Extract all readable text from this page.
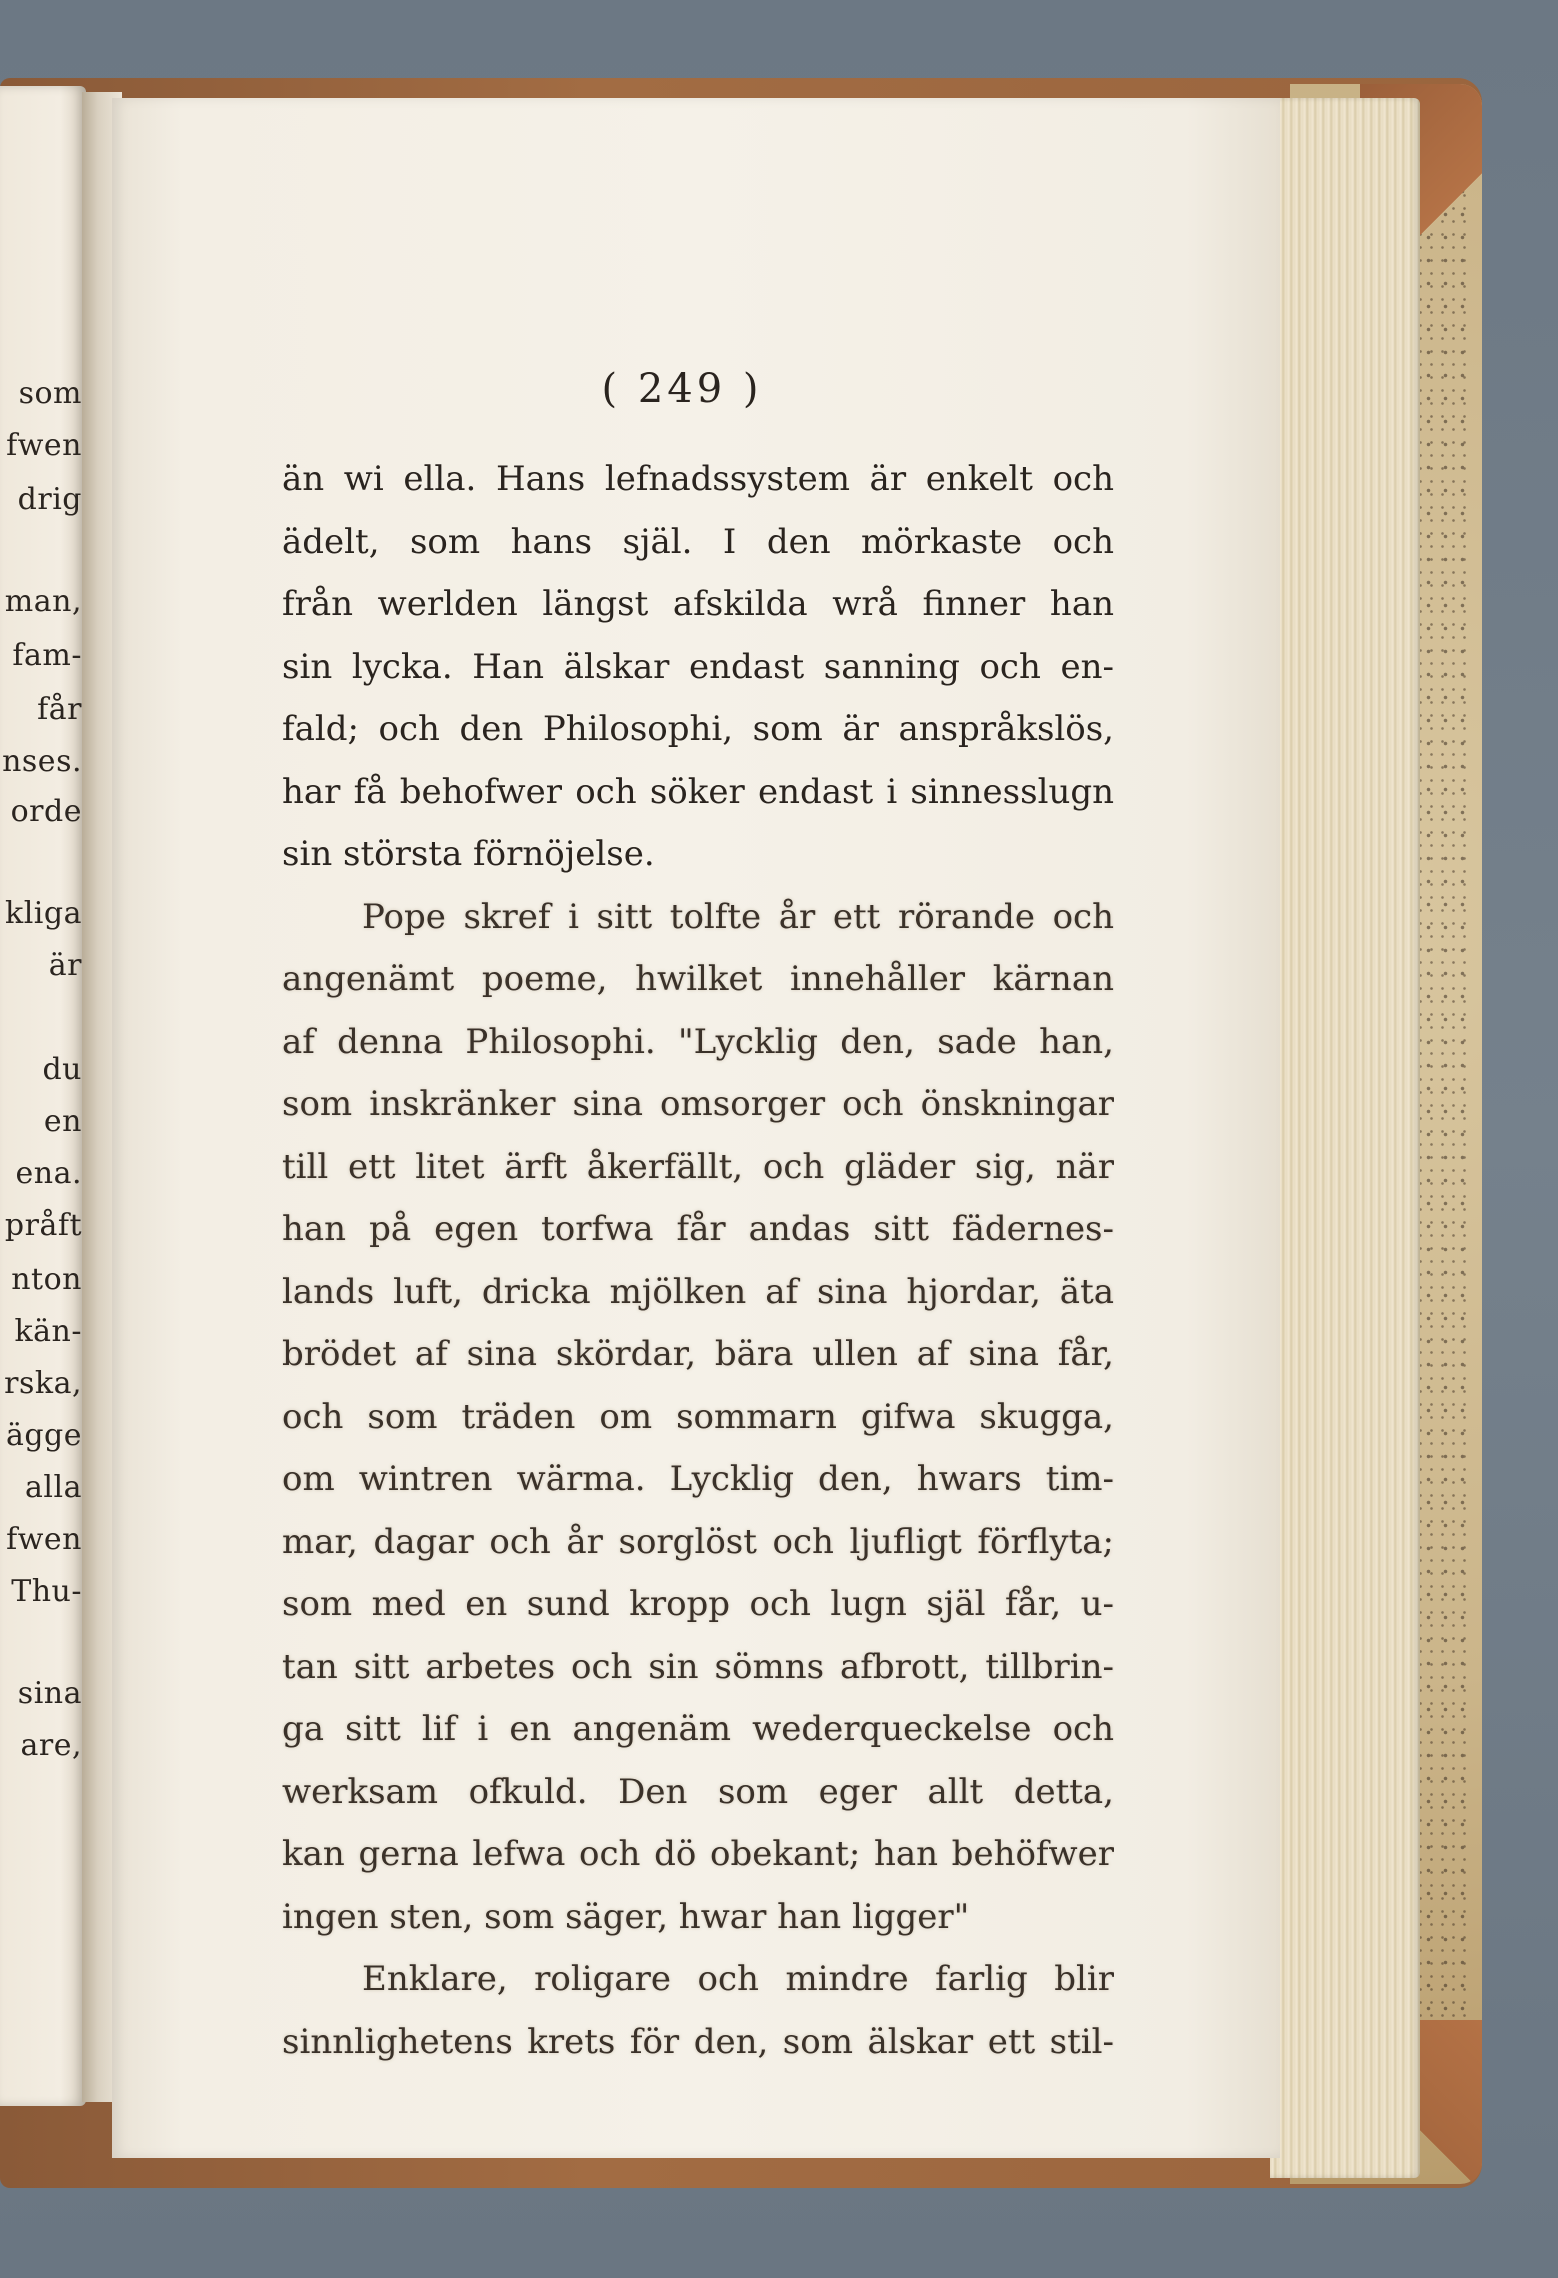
som
fwen
drig
man,
fam-
får
nses.
orde
kliga
är
du
en
ena.
pråft
nton
kän-
rska,
ägge
alla
fwen
Thu-
sina
are,
( 249 )
än wi ella. Hans lefnadssystem är enkelt och
ädelt, som hans själ. I den mörkaste och
från werlden längst afskilda wrå finner han
sin lycka. Han älskar endast sanning och en-
fald; och den Philosophi, som är anspråkslös,
har få behofwer och söker endast i sinnesslugn
sin största förnöjelse.
Pope skref i sitt tolfte år ett rörande och
angenämt poeme, hwilket innehåller kärnan
af denna Philosophi. "Lycklig den, sade han,
som inskränker sina omsorger och önskningar
till ett litet ärft åkerfällt, och gläder sig, när
han på egen torfwa får andas sitt fädernes-
lands luft, dricka mjölken af sina hjordar, äta
brödet af sina skördar, bära ullen af sina får,
och som träden om sommarn gifwa skugga,
om wintren wärma. Lycklig den, hwars tim-
mar, dagar och år sorglöst och ljufligt förflyta;
som med en sund kropp och lugn själ får, u-
tan sitt arbetes och sin sömns afbrott, tillbrin-
ga sitt lif i en angenäm wederqueckelse och
werksam ofkuld. Den som eger allt detta,
kan gerna lefwa och dö obekant; han behöfwer
ingen sten, som säger, hwar han ligger"
Enklare, roligare och mindre farlig blir
sinnlighetens krets för den, som älskar ett stil-
